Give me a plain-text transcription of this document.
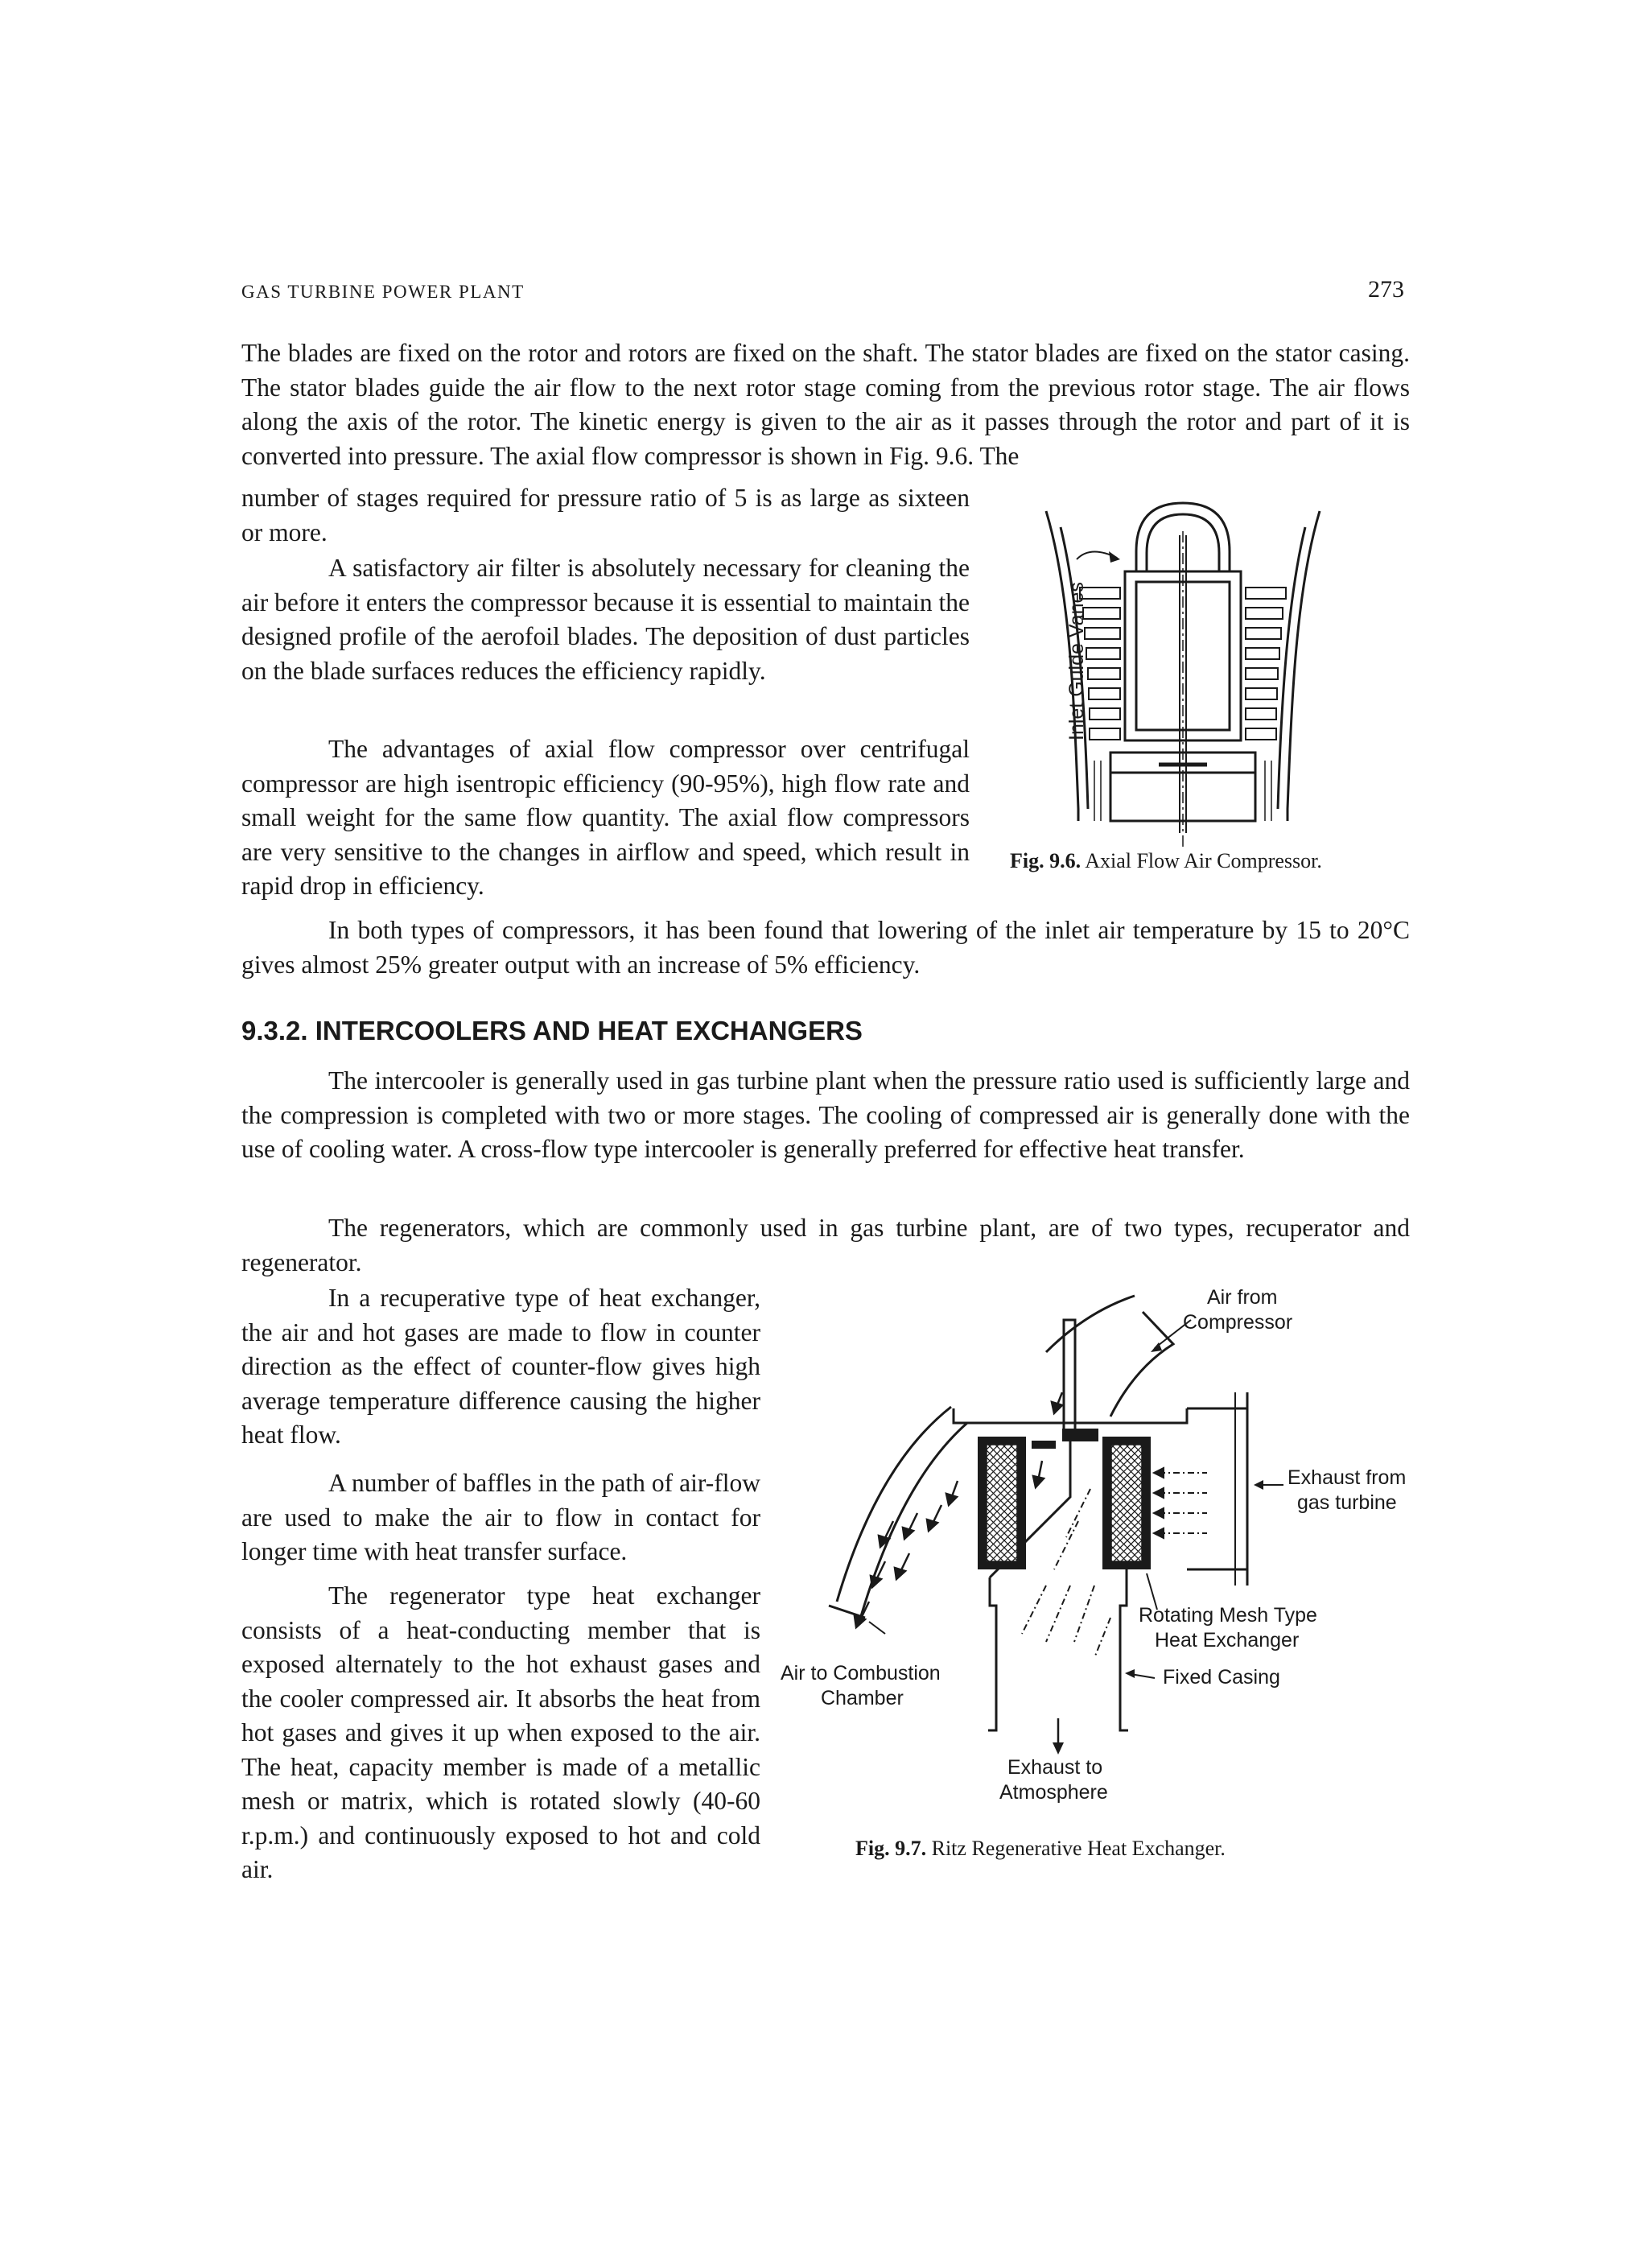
GAS TURBINE POWER PLANT	273

The blades are fixed on the rotor and rotors are fixed on the shaft. The stator blades are fixed on the stator casing. The stator blades guide the air flow to the next rotor stage coming from the previous rotor stage. The air flows along the axis of the rotor. The kinetic energy is given to the air as it passes through the rotor and part of it is converted into pressure. The axial flow compressor is shown in Fig. 9.6. The

number of stages required for pressure ratio of 5 is as large as sixteen or more.

A satisfactory air filter is absolutely necessary for cleaning the air before it enters the compressor because it is essential to maintain the designed profile of the aerofoil blades. The deposition of dust particles on the blade surfaces reduces the efficiency rapidly.

The advantages of axial flow compressor over centrifugal compressor are high isentropic efficiency (90-95%), high flow rate and small weight for the same flow quantity. The axial flow compressors are very sensitive to the changes in airflow and speed, which result in rapid drop in efficiency.

In both types of compressors, it has been found that lowering of the inlet air temperature by 15 to 20°C gives almost 25% greater output with an increase of 5% efficiency.

9.3.2. INTERCOOLERS AND HEAT EXCHANGERS

The intercooler is generally used in gas turbine plant when the pressure ratio used is sufficiently large and the compression is completed with two or more stages. The cooling of compressed air is generally done with the use of cooling water. A cross-flow type intercooler is generally preferred for effective heat transfer.

The regenerators, which are commonly used in gas turbine plant, are of two types, recuperator and regenerator.

In a recuperative type of heat exchanger, the air and hot gases are made to flow in counter direction as the effect of counter-flow gives high average temperature difference causing the higher heat flow.

A number of baffles in the path of air-flow are used to make the air to flow in contact for longer time with heat transfer surface.

The regenerator type heat exchanger consists of a heat-conducting member that is exposed alternately to the hot exhaust gases and the cooler compressed air. It absorbs the heat from hot gases and gives it up when exposed to the air. The heat, capacity member is made of a metallic mesh or matrix, which is rotated slowly (40-60 r.p.m.) and continuously exposed to hot and cold air.

Inlet Guide Vanes

Fig. 9.6. Axial Flow Air Compressor.

Air from
Compressor
Exhaust from
gas turbine
Rotating Mesh Type
Heat Exchanger
Fixed Casing
Air to Combustion
Chamber
Exhaust to
Atmosphere

Fig. 9.7. Ritz Regenerative Heat Exchanger.
